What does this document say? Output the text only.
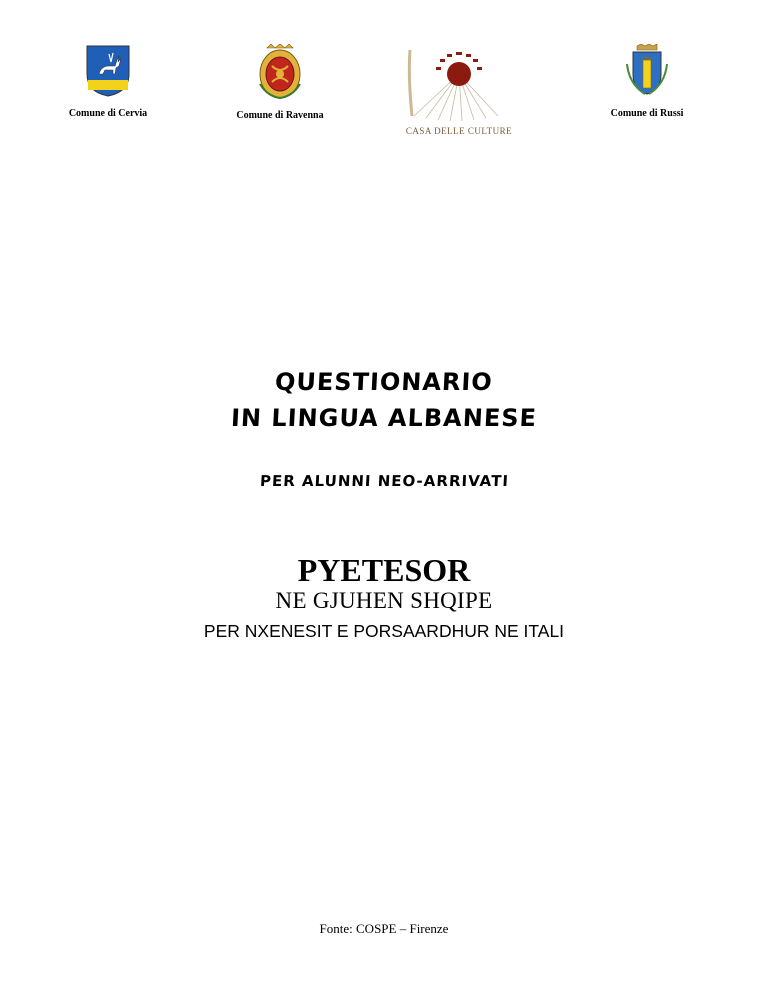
Comune di Cervia	Comune di Ravenna
CASA DELLE CULTURE
Comune di Russi
QUESTIONARIO
IN LINGUA ALBANESE
PER ALUNNI NEO-ARRIVATI
PYETESOR
NE GJUHEN SHQIPE
PER NXENESIT E PORSAARDHUR NE ITALI
Fonte: COSPE – Firenze
